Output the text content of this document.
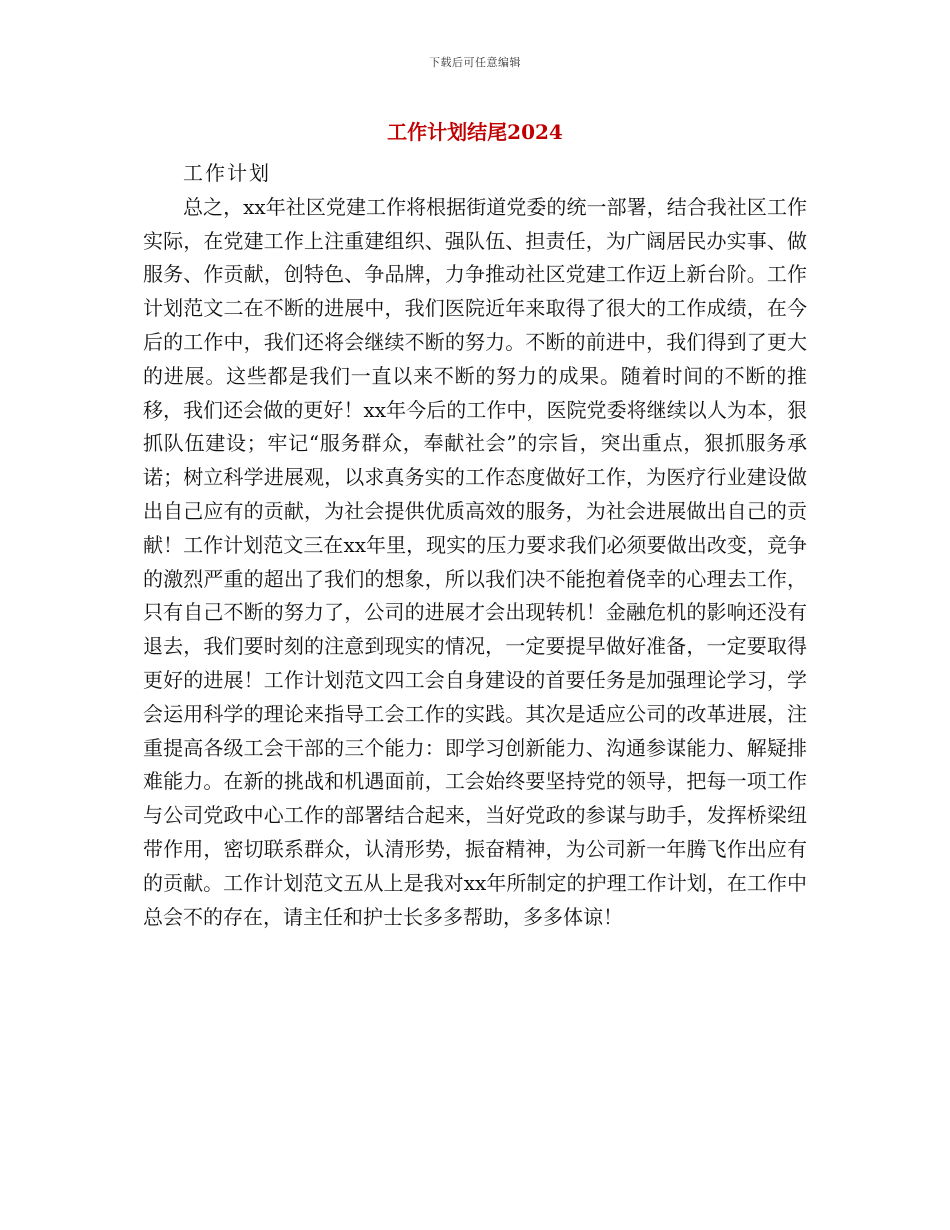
下载后可任意编辑
工作计划结尾2024

工作计划

总之，xx年社区党建工作将根据街道党委的统一部署，结合我社区工作实际，在党建工作上注重建组织、强队伍、担责任，为广阔居民办实事、做服务、作贡献，创特色、争品牌，力争推动社区党建工作迈上新台阶。工作计划范文二在不断的进展中，我们医院近年来取得了很大的工作成绩，在今后的工作中，我们还将会继续不断的努力。不断的前进中，我们得到了更大的进展。这些都是我们一直以来不断的努力的成果。随着时间的不断的推移，我们还会做的更好！xx年今后的工作中，医院党委将继续以人为本，狠抓队伍建设；牢记“服务群众，奉献社会”的宗旨，突出重点，狠抓服务承诺；树立科学进展观，以求真务实的工作态度做好工作，为医疗行业建设做出自己应有的贡献，为社会提供优质高效的服务，为社会进展做出自己的贡献！工作计划范文三在xx年里，现实的压力要求我们必须要做出改变，竞争的激烈严重的超出了我们的想象，所以我们决不能抱着侥幸的心理去工作，只有自己不断的努力了，公司的进展才会出现转机！金融危机的影响还没有退去，我们要时刻的注意到现实的情况，一定要提早做好准备，一定要取得更好的进展！工作计划范文四工会自身建设的首要任务是加强理论学习，学会运用科学的理论来指导工会工作的实践。其次是适应公司的改革进展，注重提高各级工会干部的三个能力：即学习创新能力、沟通参谋能力、解疑排难能力。在新的挑战和机遇面前，工会始终要坚持党的领导，把每一项工作与公司党政中心工作的部署结合起来，当好党政的参谋与助手，发挥桥梁纽带作用，密切联系群众，认清形势，振奋精神，为公司新一年腾飞作出应有的贡献。工作计划范文五从上是我对xx年所制定的护理工作计划，在工作中总会不的存在，请主任和护士长多多帮助，多多体谅！
